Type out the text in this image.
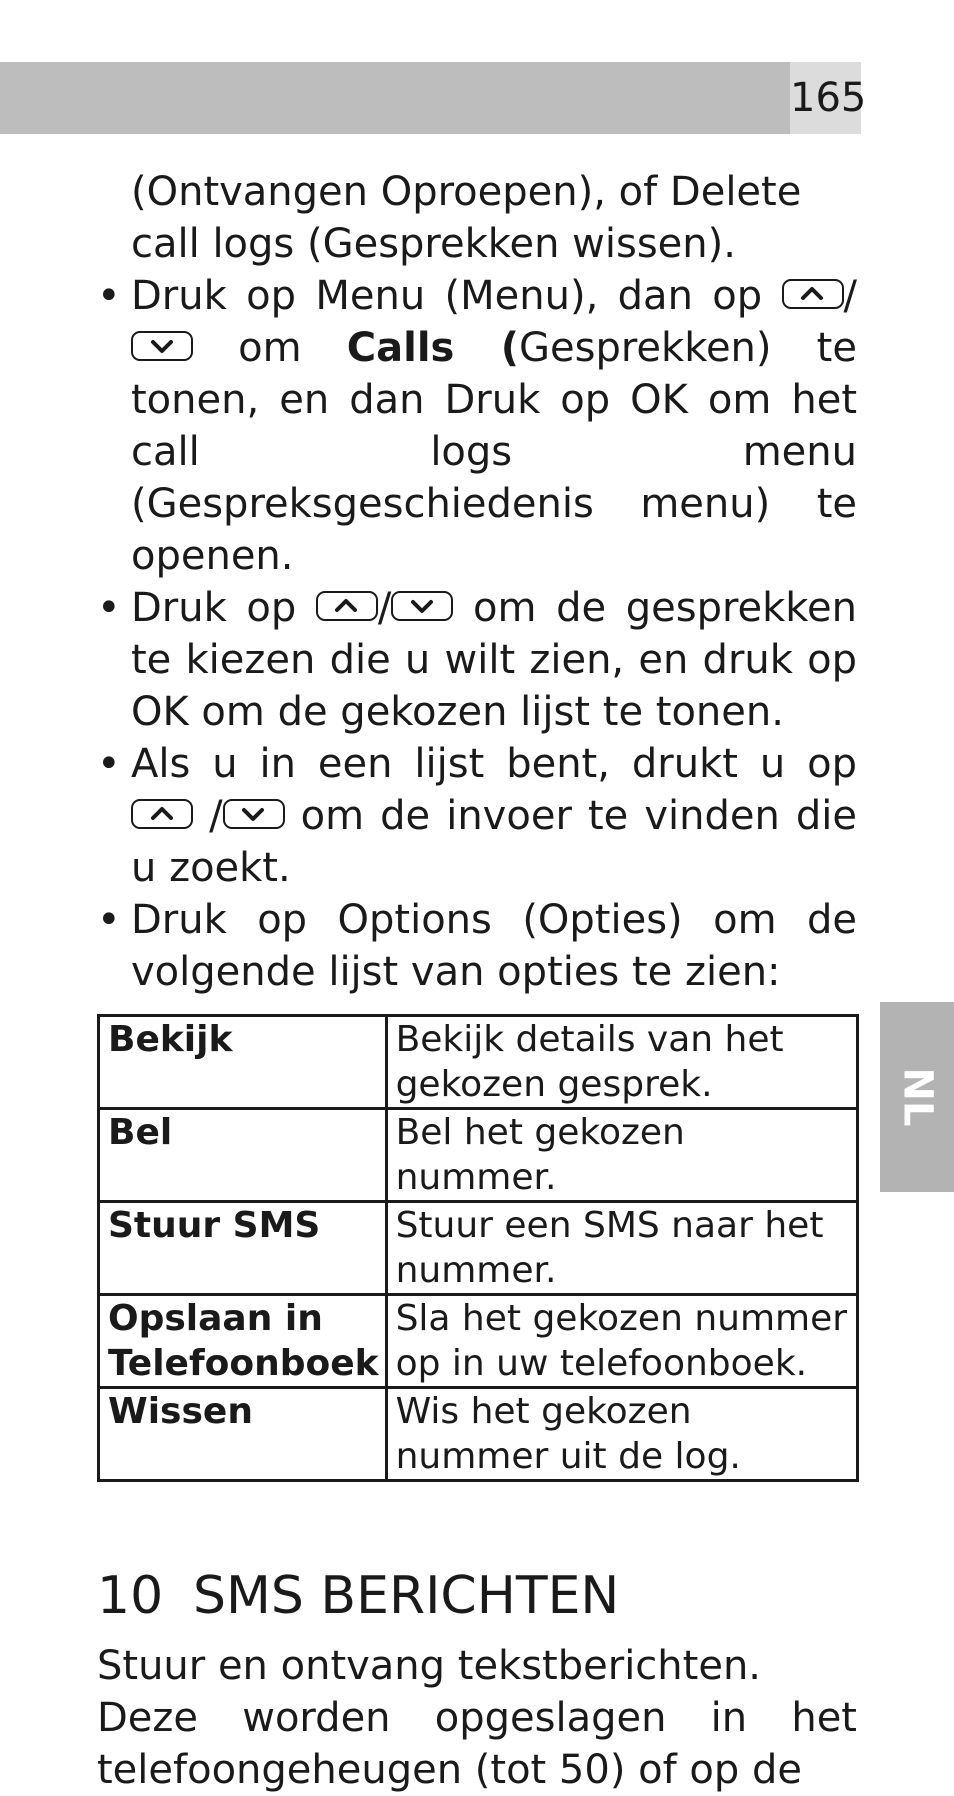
165
NL

(Ontvangen Oproepen), of Delete call logs (Gesprekken wissen).

• Druk op Menu (Menu), dan op /
om Calls (Gesprekken) te tonen, en dan Druk op OK om het call logs menu (Gespreksgeschiedenis menu) te openen.
• Druk op / om de gesprekken te kiezen die u wilt zien, en druk op OK om de gekozen lijst te tonen.
• Als u in een lijst bent, drukt u op
/ om de invoer te vinden die u zoekt.
• Druk op Options (Opties) om de volgende lijst van opties te zien:
Bekijk	Bekijk details van het gekozen gesprek.
Bel	Bel het gekozen nummer.
Stuur SMS	Stuur een SMS naar het nummer.
Opslaan in Telefoonboek	Sla het gekozen nummer op in uw telefoonboek.
Wissen	Wis het gekozen nummer uit de log.
10 SMS BERICHTEN

Stuur en ontvang tekstberichten.
Deze worden opgeslagen in het telefoongeheugen (tot 50) of op de
